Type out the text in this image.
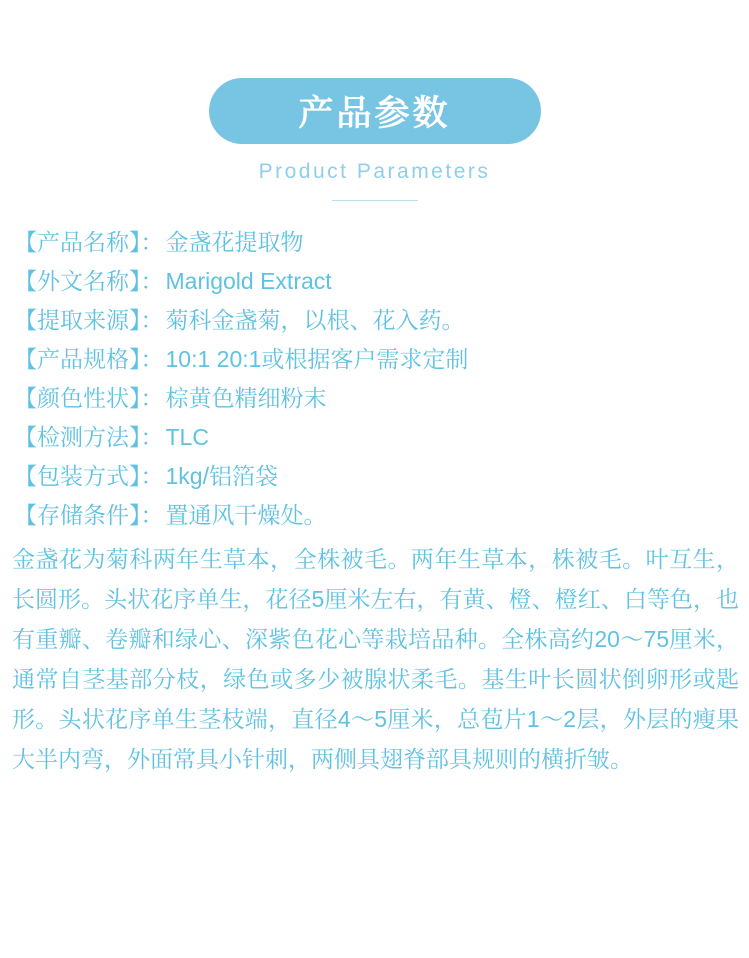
产品参数
Product Parameters
【产品名称】： 金盏花提取物
【外文名称】： Marigold Extract
【提取来源】： 菊科金盏菊，以根、花入药。
【产品规格】： 10:1 20:1或根据客户需求定制
【颜色性状】： 棕黄色精细粉末
【检测方法】： TLC
【包装方式】： 1kg/铝箔袋
【存储条件】： 置通风干燥处。
金盏花为菊科两年生草本，全株被毛。两年生草本，株被毛。叶互生，长圆形。头状花序单生，花径5厘米左右，有黄、橙、橙红、白等色，也有重瓣、卷瓣和绿心、深紫色花心等栽培品种。全株高约20～75厘米，通常自茎基部分枝，绿色或多少被腺状柔毛。基生叶长圆状倒卵形或匙形。头状花序单生茎枝端，直径4～5厘米，总苞片1～2层，外层的瘦果大半内弯，外面常具小针刺，两侧具翅脊部具规则的横折皱。
